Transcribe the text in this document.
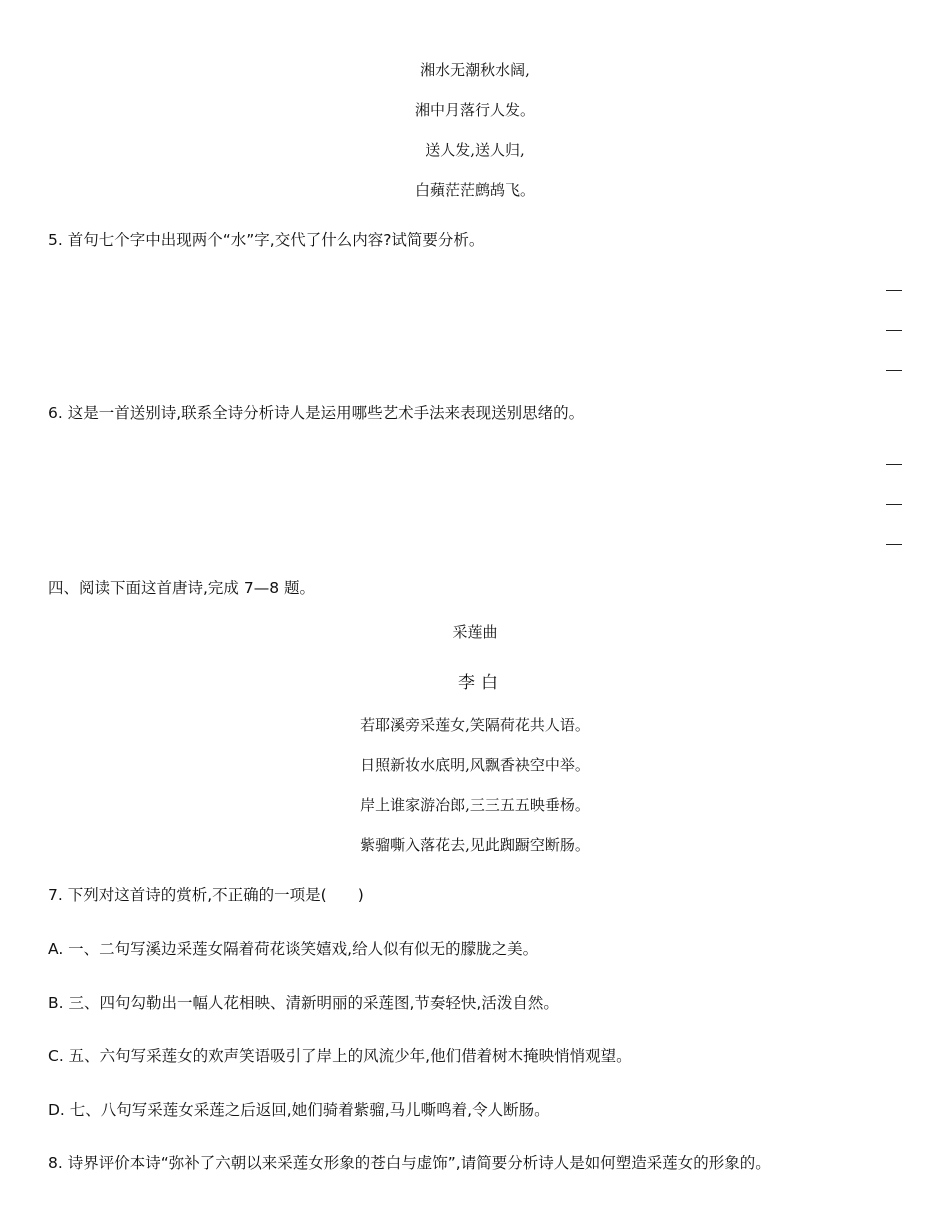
湘水无潮秋水阔,
湘中月落行人发。
送人发,送人归,
白蘋茫茫鹧鸪飞。
5. 首句七个字中出现两个“水”字,交代了什么内容?试简要分析。
6. 这是一首送别诗,联系全诗分析诗人是运用哪些艺术手法来表现送别思绪的。
四、阅读下面这首唐诗,完成 7—8 题。
采莲曲
李白
若耶溪旁采莲女,笑隔荷花共人语。
日照新妆水底明,风飘香袂空中举。
岸上谁家游冶郎,三三五五映垂杨。
紫骝嘶入落花去,见此踟蹰空断肠。
7. 下列对这首诗的赏析,不正确的一项是(　　)
A. 一、二句写溪边采莲女隔着荷花谈笑嬉戏,给人似有似无的朦胧之美。
B. 三、四句勾勒出一幅人花相映、清新明丽的采莲图,节奏轻快,活泼自然。
C. 五、六句写采莲女的欢声笑语吸引了岸上的风流少年,他们借着树木掩映悄悄观望。
D. 七、八句写采莲女采莲之后返回,她们骑着紫骝,马儿嘶鸣着,令人断肠。
8. 诗界评价本诗“弥补了六朝以来采莲女形象的苍白与虚饰”,请简要分析诗人是如何塑造采莲女的形象的。
